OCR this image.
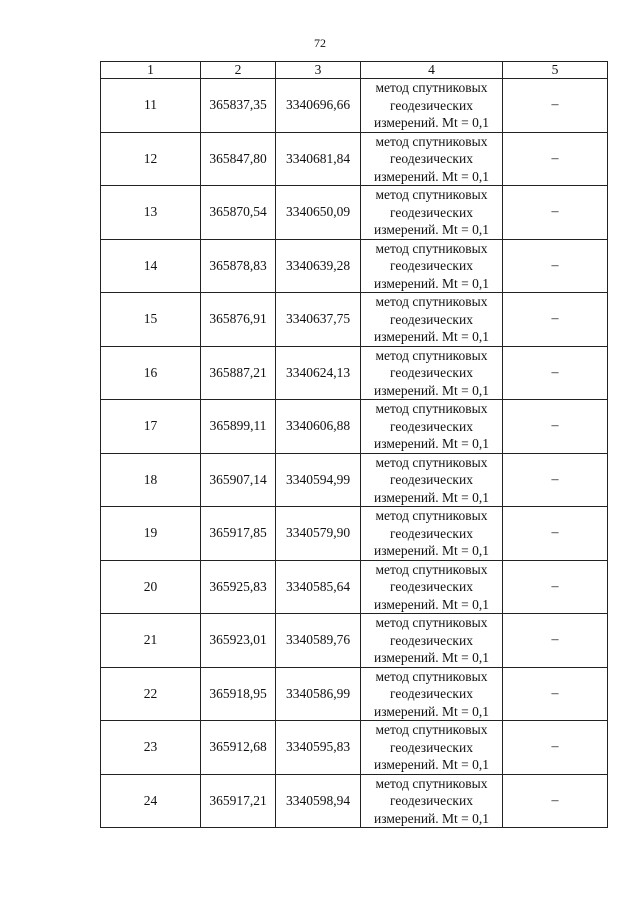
72
1	2	3	4	5
11	365837,35	3340696,66	метод спутниковых
геодезических
измерений. Mt = 0,1	–
12	365847,80	3340681,84	метод спутниковых
геодезических
измерений. Mt = 0,1	–
13	365870,54	3340650,09	метод спутниковых
геодезических
измерений. Mt = 0,1	–
14	365878,83	3340639,28	метод спутниковых
геодезических
измерений. Mt = 0,1	–
15	365876,91	3340637,75	метод спутниковых
геодезических
измерений. Mt = 0,1	–
16	365887,21	3340624,13	метод спутниковых
геодезических
измерений. Mt = 0,1	–
17	365899,11	3340606,88	метод спутниковых
геодезических
измерений. Mt = 0,1	–
18	365907,14	3340594,99	метод спутниковых
геодезических
измерений. Mt = 0,1	–
19	365917,85	3340579,90	метод спутниковых
геодезических
измерений. Mt = 0,1	–
20	365925,83	3340585,64	метод спутниковых
геодезических
измерений. Mt = 0,1	–
21	365923,01	3340589,76	метод спутниковых
геодезических
измерений. Mt = 0,1	–
22	365918,95	3340586,99	метод спутниковых
геодезических
измерений. Mt = 0,1	–
23	365912,68	3340595,83	метод спутниковых
геодезических
измерений. Mt = 0,1	–
24	365917,21	3340598,94	метод спутниковых
геодезических
измерений. Mt = 0,1	–
